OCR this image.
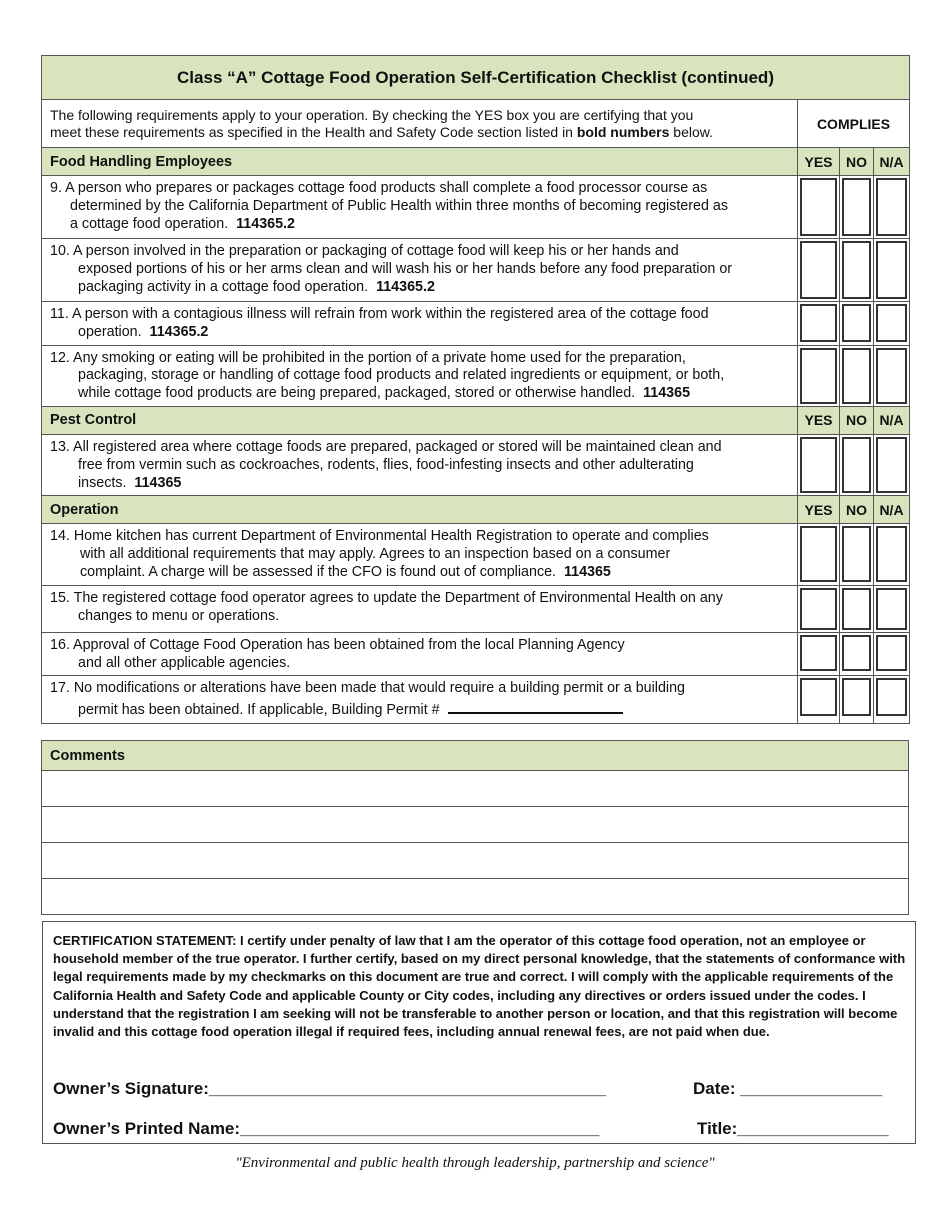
Class “A” Cottage Food Operation Self-Certification Checklist (continued)			
The following requirements apply to your operation. By checking the YES box you are certifying that you
meet these requirements as specified in the Health and Safety Code section listed in bold numbers below.	COMPLIES		
Food Handling Employees	YES	NO	N/A

9. A person who prepares or packages cottage food products shall complete a food processor course as
determined by the California Department of Public Health within three months of becoming registered as
a cottage food operation. 114365.2			

10. A person involved in the preparation or packaging of cottage food will keep his or her hands and
exposed portions of his or her arms clean and will wash his or her hands before any food preparation or
packaging activity in a cottage food operation. 114365.2			

11. A person with a contagious illness will refrain from work within the registered area of the cottage food
operation. 114365.2			

12. Any smoking or eating will be prohibited in the portion of a private home used for the preparation,
packaging, storage or handling of cottage food products and related ingredients or equipment, or both,
while cottage food products are being prepared, packaged, stored or otherwise handled. 114365			

Pest Control	YES	NO	N/A

13. All registered area where cottage foods are prepared, packaged or stored will be maintained clean and
free from vermin such as cockroaches, rodents, flies, food-infesting insects and other adulterating
insects. 114365			

Operation	YES	NO	N/A

14. Home kitchen has current Department of Environmental Health Registration to operate and complies
with all additional requirements that may apply. Agrees to an inspection based on a consumer
complaint. A charge will be assessed if the CFO is found out of compliance. 114365			

15. The registered cottage food operator agrees to update the Department of Environmental Health on any
changes to menu or operations.			

16. Approval of Cottage Food Operation has been obtained from the local Planning Agency
and all other applicable agencies.			

17. No modifications or alterations have been made that would require a building permit or a building
permit has been obtained. If applicable, Building Permit #			

Comments

CERTIFICATION STATEMENT: I certify under penalty of law that I am the operator of this cottage food operation, not an employee or household member of the true operator. I further certify, based on my direct personal knowledge, that the statements of conformance with legal requirements made by my checkmarks on this document are true and correct. I will comply with the applicable requirements of the California Health and Safety Code and applicable County or City codes, including any directives or orders issued under the codes. I understand that the registration I am seeking will not be transferable to another person or location, and that this registration will become invalid and this cottage food operation illegal if required fees, including annual renewal fees, are not paid when due.
Owner’s Signature:__________________________________________	Date: _______________
Owner’s Printed Name:______________________________________	Title:________________
"Environmental and public health through leadership, partnership and science"
